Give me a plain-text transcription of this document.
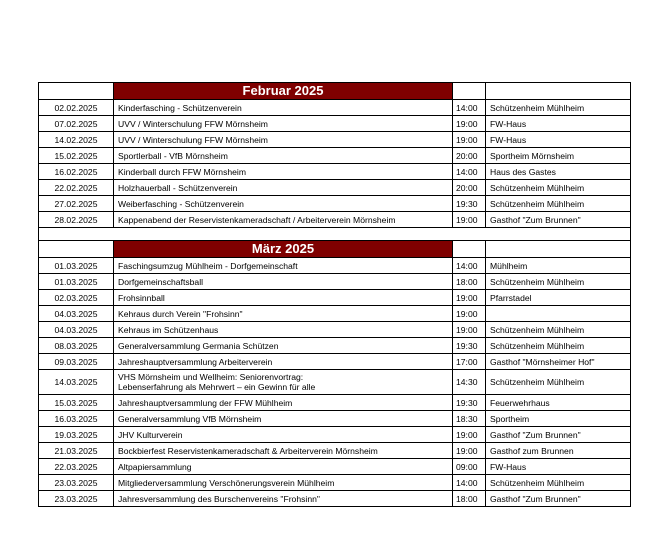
	Februar 2025		
02.02.2025	Kinderfasching - Schützenverein	14:00	Schützenheim Mühlheim
07.02.2025	UVV / Winterschulung FFW Mörnsheim	19:00	FW-Haus
14.02.2025	UVV / Winterschulung FFW Mörnsheim	19:00	FW-Haus
15.02.2025	Sportlerball - VfB Mörnsheim	20:00	Sportheim Mörnsheim
16.02.2025	Kinderball durch FFW Mörnsheim	14:00	Haus des Gastes
22.02.2025	Holzhauerball - Schützenverein	20:00	Schützenheim Mühlheim
27.02.2025	Weiberfasching - Schützenverein	19:30	Schützenheim Mühlheim
28.02.2025	Kappenabend der Reservistenkameradschaft / Arbeiterverein Mörnsheim	19:00	Gasthof "Zum Brunnen"

	März 2025		
01.03.2025	Faschingsumzug Mühlheim - Dorfgemeinschaft	14:00	Mühlheim
01.03.2025	Dorfgemeinschaftsball	18:00	Schützenheim Mühlheim
02.03.2025	Frohsinnball	19:00	Pfarrstadel
04.03.2025	Kehraus durch Verein "Frohsinn"	19:00	
04.03.2025	Kehraus im Schützenhaus	19:00	Schützenheim Mühlheim
08.03.2025	Generalversammlung Germania Schützen	19:30	Schützenheim Mühlheim
09.03.2025	Jahreshauptversammlung Arbeiterverein	17:00	Gasthof "Mörnsheimer Hof"
14.03.2025	VHS Mörnsheim und Wellheim: Seniorenvortrag:
Lebenserfahrung als Mehrwert – ein Gewinn für alle	14:30	Schützenheim Mühlheim
15.03.2025	Jahreshauptversammlung der FFW Mühlheim	19:30	Feuerwehrhaus
16.03.2025	Generalversammlung VfB Mörnsheim	18:30	Sportheim
19.03.2025	JHV Kulturverein	19:00	Gasthof "Zum Brunnen"
21.03.2025	Bockbierfest Reservistenkameradschaft & Arbeiterverein Mörnsheim	19:00	Gasthof zum Brunnen
22.03.2025	Altpapiersammlung	09:00	FW-Haus
23.03.2025	Mitgliederversammlung Verschönerungsverein Mühlheim	14:00	Schützenheim Mühlheim
23.03.2025	Jahresversammlung des Burschenvereins "Frohsinn"	18:00	Gasthof "Zum Brunnen"
